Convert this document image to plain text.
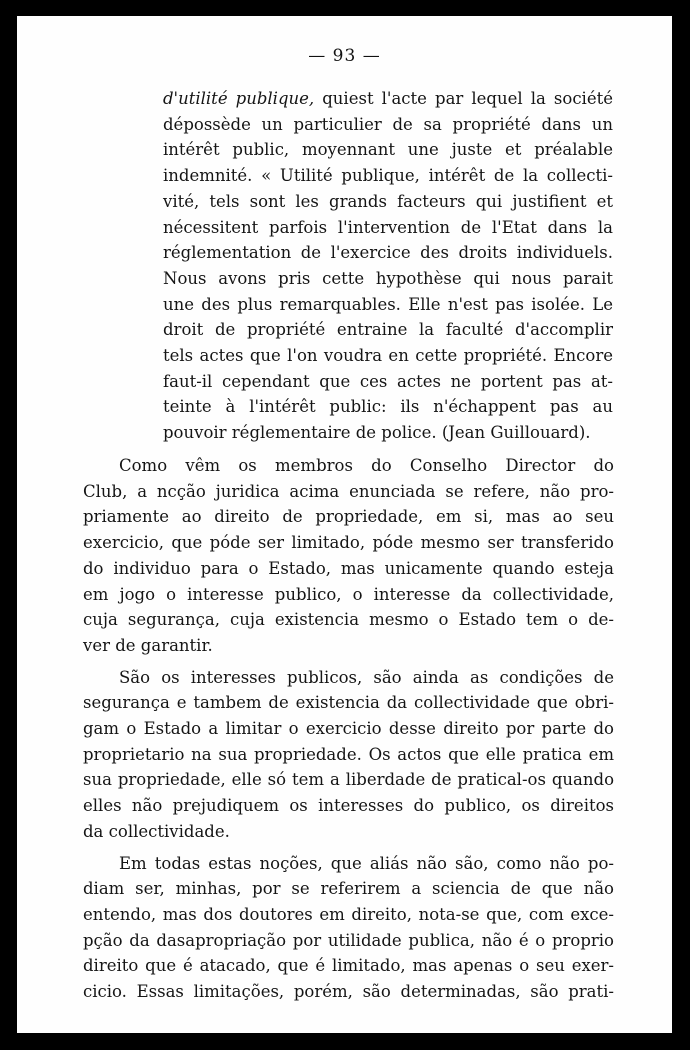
— 93 —
d'utilité publique, quiest l'acte par lequel la société
dépossède un particulier de sa propriété dans un
intérêt public, moyennant une juste et préalable
indemnité. « Utilité publique, intérêt de la collecti-
vité, tels sont les grands facteurs qui justifient et
nécessitent parfois l'intervention de l'Etat dans la
réglementation de l'exercice des droits individuels.
Nous avons pris cette hypothèse qui nous parait
une des plus remarquables. Elle n'est pas isolée. Le
droit de propriété entraine la faculté d'accomplir
tels actes que l'on voudra en cette propriété. Encore
faut-il cependant que ces actes ne portent pas at-
teinte à l'intérêt public: ils n'échappent pas au
pouvoir réglementaire de police. (Jean Guillouard).
Como vêm os membros do Conselho Director do
Club, a ncção juridica acima enunciada se refere, não pro-
priamente ao direito de propriedade, em si, mas ao seu
exercicio, que póde ser limitado, póde mesmo ser transferido
do individuo para o Estado, mas unicamente quando esteja
em jogo o interesse publico, o interesse da collectividade,
cuja segurança, cuja existencia mesmo o Estado tem o de-
ver de garantir.
São os interesses publicos, são ainda as condições de
segurança e tambem de existencia da collectividade que obri-
gam o Estado a limitar o exercicio desse direito por parte do
proprietario na sua propriedade. Os actos que elle pratica em
sua propriedade, elle só tem a liberdade de pratical-os quando
elles não prejudiquem os interesses do publico, os direitos
da collectividade.
Em todas estas noções, que aliás não são, como não po-
diam ser, minhas, por se referirem a sciencia de que não
entendo, mas dos doutores em direito, nota-se que, com exce-
pção da dasapropriação por utilidade publica, não é o proprio
direito que é atacado, que é limitado, mas apenas o seu exer-
cicio. Essas limitações, porém, são determinadas, são prati-
